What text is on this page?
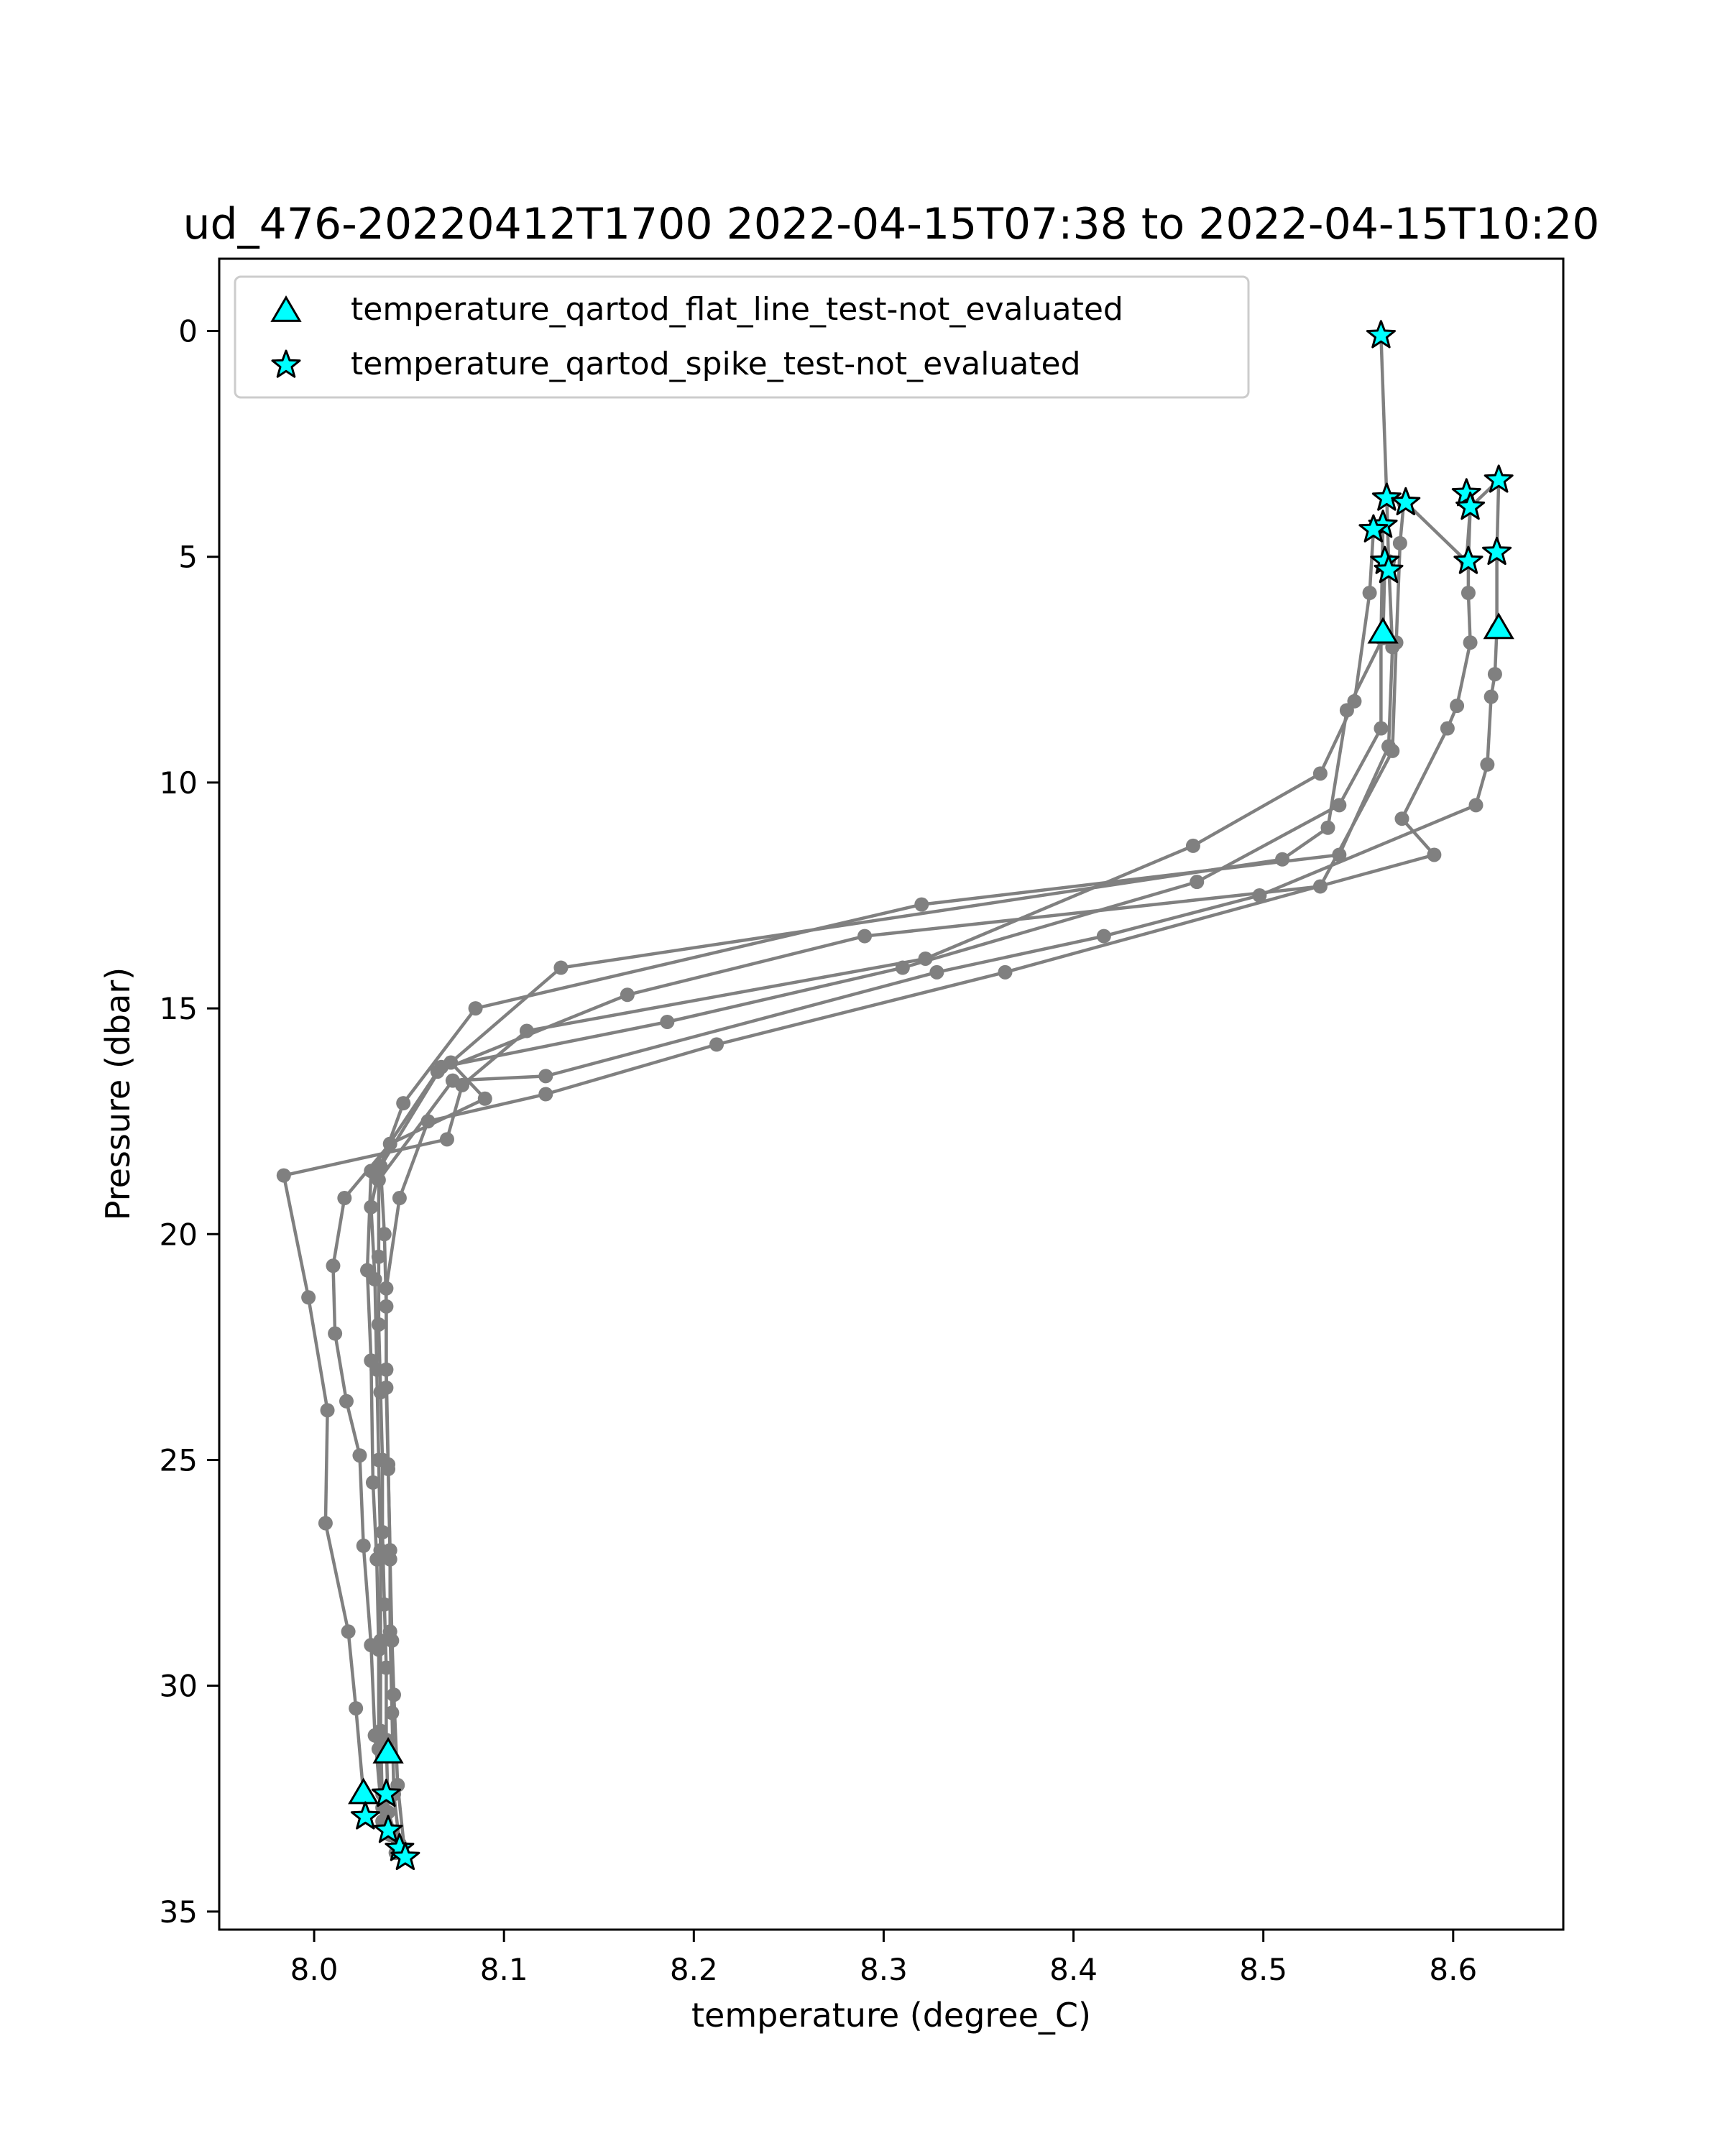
ud_476-20220412T1700 2022-04-15T07:38 to 2022-04-15T10:20
8.0	8.1	8.2	8.3	8.4	8.5	8.6
0
5
10
15
20
25
30
35
temperature (degree_C)
Pressure (dbar)
temperature_qartod_flat_line_test-not_evaluated
temperature_qartod_spike_test-not_evaluated
